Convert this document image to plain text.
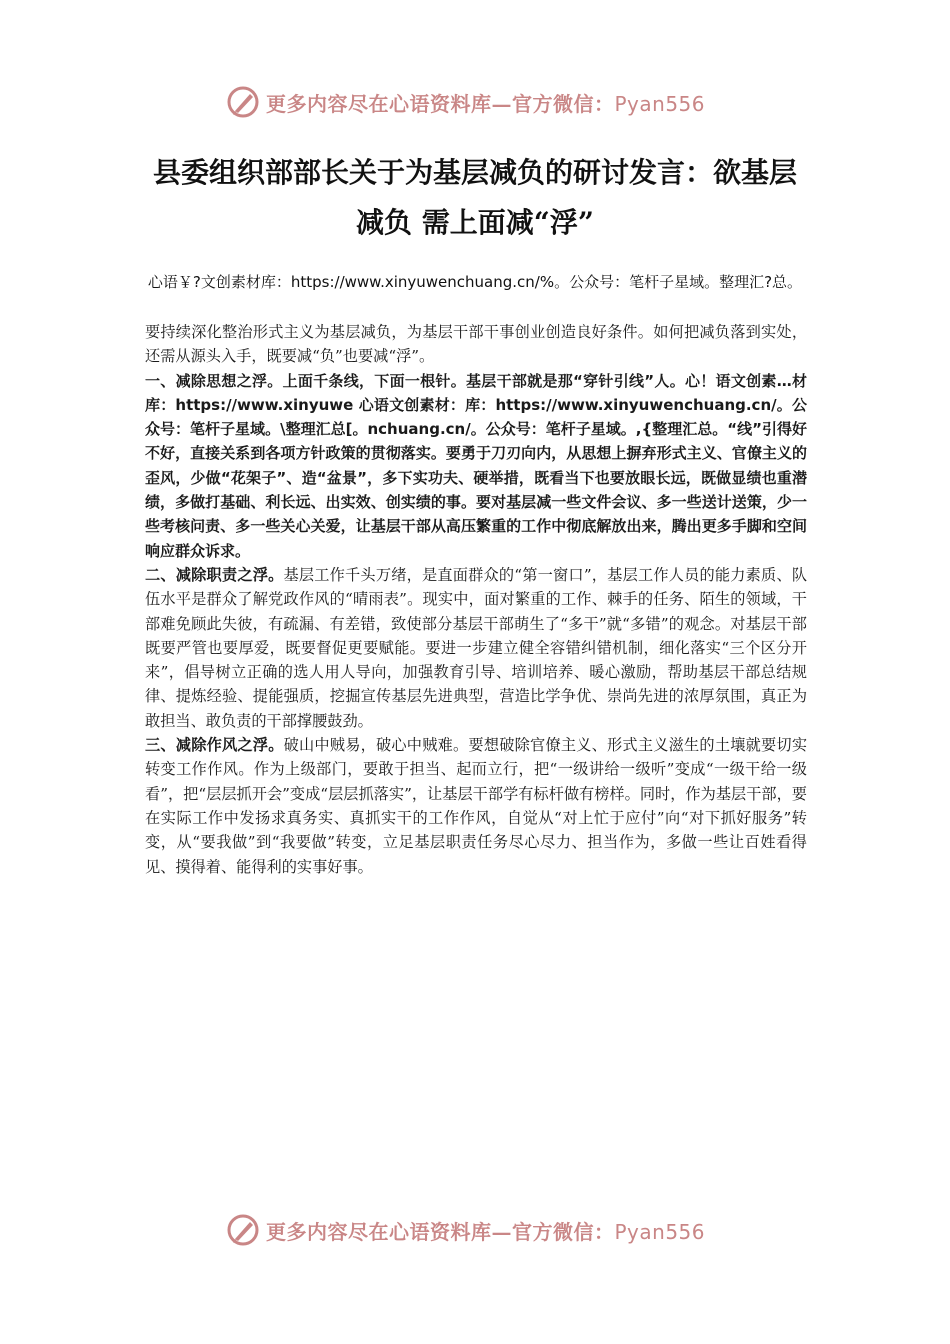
更多内容尽在心语资料库—官方微信：Pyan556
县委组织部部长关于为基层减负的研讨发言：欲基层减负 需上面减“浮”
心语￥?文创素材库：https://www.xinyuwenchuang.cn/%。公众号：笔杆子星域。整理汇?总。

要持续深化整治形式主义为基层减负，为基层干部干事创业创造良好条件。如何把减负落到实处，还需从源头入手，既要减“负”也要减“浮”。

一、减除思想之浮。上面千条线，下面一根针。基层干部就是那“穿针引线”人。心！语文创素…材库：https://www.xinyuwe 心语文创素材：库：https://www.xinyuwenchuang.cn/。公众号：笔杆子星域。\整理汇总[。nchuang.cn/。公众号：笔杆子星域。,{整理汇总。“线”引得好不好，直接关系到各项方针政策的贯彻落实。要勇于刀刃向内，从思想上摒弃形式主义、官僚主义的歪风，少做“花架子”、造“盆景”，多下实功夫、硬举措，既看当下也要放眼长远，既做显绩也重潜绩，多做打基础、利长远、出实效、创实绩的事。要对基层减一些文件会议、多一些送计送策，少一些考核问责、多一些关心关爱，让基层干部从高压繁重的工作中彻底解放出来，腾出更多手脚和空间响应群众诉求。

二、减除职责之浮。基层工作千头万绪，是直面群众的“第一窗口”，基层工作人员的能力素质、队伍水平是群众了解党政作风的“晴雨表”。现实中，面对繁重的工作、棘手的任务、陌生的领域，干部难免顾此失彼，有疏漏、有差错，致使部分基层干部萌生了“多干”就“多错”的观念。对基层干部既要严管也要厚爱，既要督促更要赋能。要进一步建立健全容错纠错机制，细化落实“三个区分开来”，倡导树立正确的选人用人导向，加强教育引导、培训培养、暖心激励，帮助基层干部总结规律、提炼经验、提能强质，挖掘宣传基层先进典型，营造比学争优、崇尚先进的浓厚氛围，真正为敢担当、敢负责的干部撑腰鼓劲。

三、减除作风之浮。破山中贼易，破心中贼难。要想破除官僚主义、形式主义滋生的土壤就要切实转变工作作风。作为上级部门，要敢于担当、起而立行，把“一级讲给一级听”变成“一级干给一级看”，把“层层抓开会”变成“层层抓落实”，让基层干部学有标杆做有榜样。同时，作为基层干部，要在实际工作中发扬求真务实、真抓实干的工作作风，自觉从“对上忙于应付”向“对下抓好服务”转变，从“要我做”到“我要做”转变，立足基层职责任务尽心尽力、担当作为，多做一些让百姓看得见、摸得着、能得利的实事好事。

更多内容尽在心语资料库—官方微信：Pyan556
